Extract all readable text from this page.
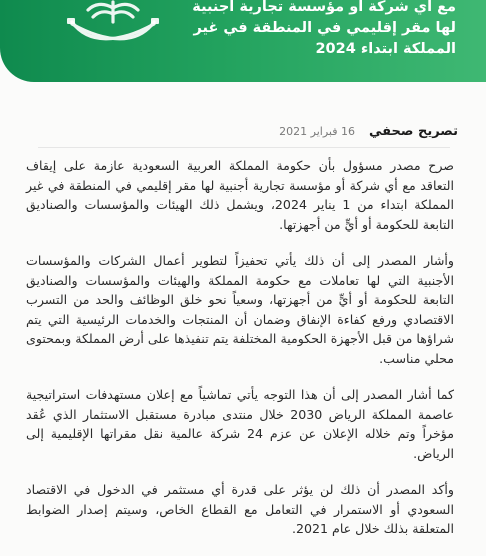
مع أي شركة أو مؤسسة تجارية أجنبية لها مقر إقليمي في المنطقة في غير المملكة ابتداء 2024
تصريح صحفي
16 فبراير 2021

صرح مصدر مسؤول بأن حكومة المملكة العربية السعودية عازمة على إيقاف التعاقد مع أي شركة أو مؤسسة تجارية أجنبية لها مقر إقليمي في المنطقة في غير المملكة ابتداء من 1 يناير 2024، ويشمل ذلك الهيئات والمؤسسات والصناديق التابعة للحكومة أو أيٍّ من أجهزتها.

وأشار المصدر إلى أن ذلك يأتي تحفيزاً لتطوير أعمال الشركات والمؤسسات الأجنبية التي لها تعاملات مع حكومة المملكة والهيئات والمؤسسات والصناديق التابعة للحكومة أو أيٍّ من أجهزتها، وسعياً نحو خلق الوظائف والحد من التسرب الاقتصادي ورفع كفاءة الإنفاق وضمان أن المنتجات والخدمات الرئيسية التي يتم شراؤها من قبل الأجهزة الحكومية المختلفة يتم تنفيذها على أرض المملكة وبمحتوى محلي مناسب.

كما أشار المصدر إلى أن هذا التوجه يأتي تماشياً مع إعلان مستهدفات استراتيجية عاصمة المملكة الرياض 2030 خلال منتدى مبادرة مستقبل الاستثمار الذي عُقد مؤخراً وتم خلاله الإعلان عن عزم 24 شركة عالمية نقل مقراتها الإقليمية إلى الرياض.

وأكد المصدر أن ذلك لن يؤثر على قدرة أي مستثمر في الدخول في الاقتصاد السعودي أو الاستمرار في التعامل مع القطاع الخاص، وسيتم إصدار الضوابط المتعلقة بذلك خلال عام 2021.
